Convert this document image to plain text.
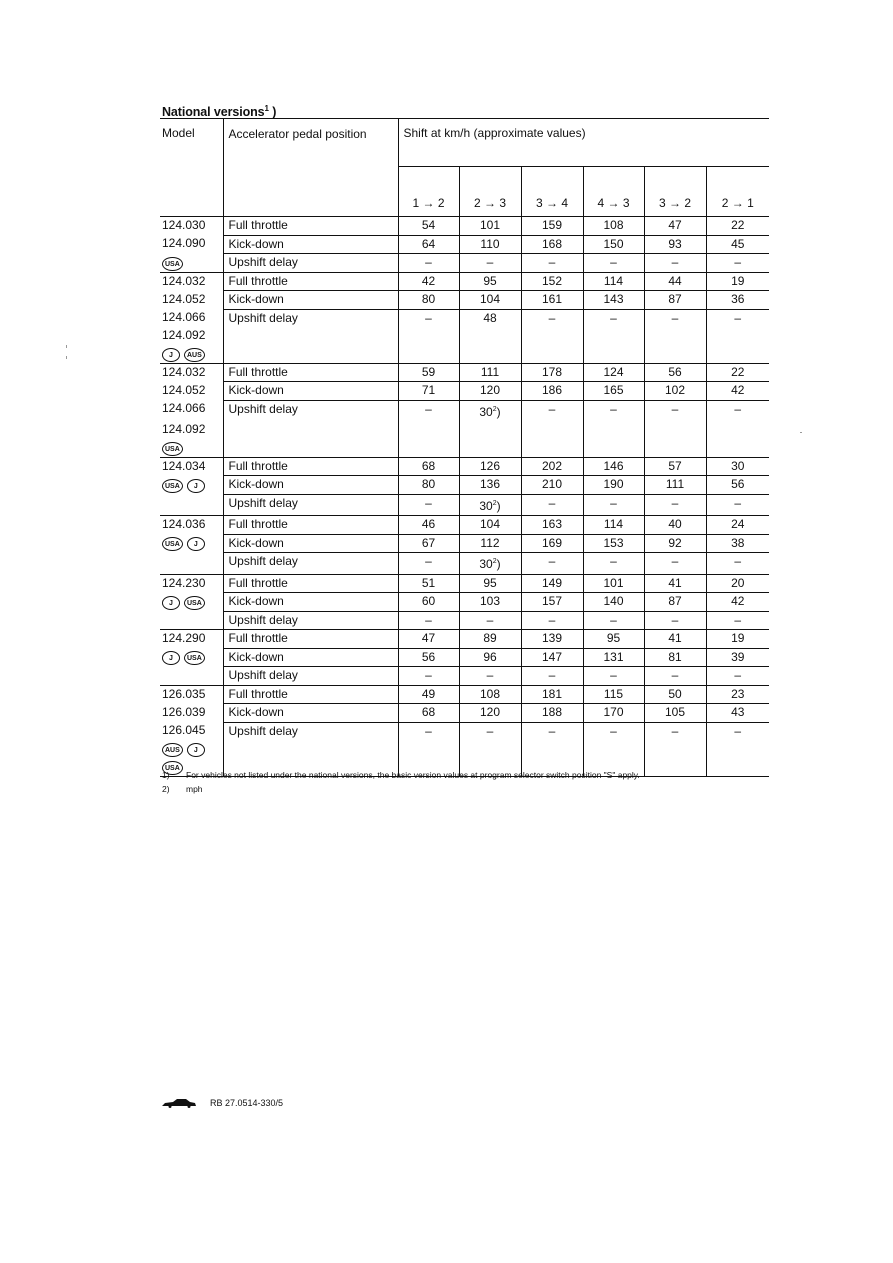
National versions$^1$ )
Model	Accelerator pedal position	Shift at km/h (approximate values)					
		1 → 2	2 → 3	3 → 4	4 → 3	3 → 2	2 → 1
124.030	Full throttle	54	101	159	108	47	22
124.090	Kick-down	64	110	168	150	93	45

USA	Upshift delay	–	–	–	–	–	–
124.032	Full throttle	42	95	152	114	44	19
124.052	Kick-down	80	104	161	143	87	36
124.066	Upshift delay	–	48	–	–	–	–
124.092							

J AUS							

124.032	Full throttle	59	111	178	124	56	22
124.052	Kick-down	71	120	186	165	102	42
124.066	Upshift delay	–	30$^2$)	–	–	–	–
124.092							

USA							

124.034	Full throttle	68	126	202	146	57	30

USA J	Kick-down	80	136	210	190	111	56
	Upshift delay	–	30$^2$)	–	–	–	–
124.036	Full throttle	46	104	163	114	40	24

USA J	Kick-down	67	112	169	153	92	38
	Upshift delay	–	30$^2$)	–	–	–	–
124.230	Full throttle	51	95	149	101	41	20

J USA	Kick-down	60	103	157	140	87	42
	Upshift delay	–	–	–	–	–	–
124.290	Full throttle	47	89	139	95	41	19

J USA	Kick-down	56	96	147	131	81	39
	Upshift delay	–	–	–	–	–	–
126.035	Full throttle	49	108	181	115	50	23
126.039	Kick-down	68	120	188	170	105	43
126.045	Upshift delay	–	–	–	–	–	–

AUS J							

USA							

1) For vehicles not listed under the national versions, the basic version values at program selector switch position "S" apply.
2) mph
RB 27.0514-330/5
